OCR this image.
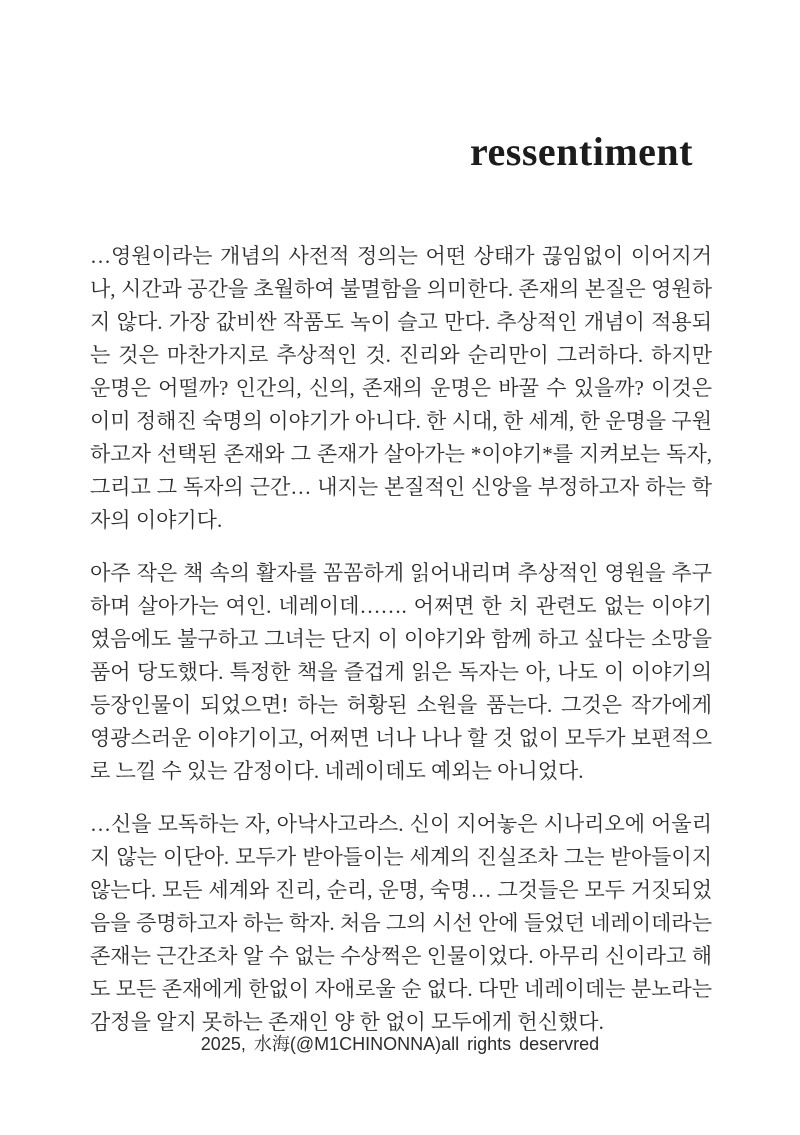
ressentiment

…영원이라는 개념의 사전적 정의는 어떤 상태가 끊임없이 이어지거나, 시간과 공간을 초월하여 불멸함을 의미한다. 존재의 본질은 영원하지 않다. 가장 값비싼 작품도 녹이 슬고 만다. 추상적인 개념이 적용되는 것은 마찬가지로 추상적인 것. 진리와 순리만이 그러하다. 하지만 운명은 어떨까? 인간의, 신의, 존재의 운명은 바꿀 수 있을까? 이것은 이미 정해진 숙명의 이야기가 아니다. 한 시대, 한 세계, 한 운명을 구원하고자 선택된 존재와 그 존재가 살아가는 *이야기*를 지켜보는 독자, 그리고 그 독자의 근간… 내지는 본질적인 신앙을 부정하고자 하는 학자의 이야기다.

아주 작은 책 속의 활자를 꼼꼼하게 읽어내리며 추상적인 영원을 추구하며 살아가는 여인. 네레이데……. 어쩌면 한 치 관련도 없는 이야기였음에도 불구하고 그녀는 단지 이 이야기와 함께 하고 싶다는 소망을 품어 당도했다. 특정한 책을 즐겁게 읽은 독자는 아, 나도 이 이야기의 등장인물이 되었으면! 하는 허황된 소원을 품는다. 그것은 작가에게 영광스러운 이야기이고, 어쩌면 너나 나나 할 것 없이 모두가 보편적으로 느낄 수 있는 감정이다. 네레이데도 예외는 아니었다.

…신을 모독하는 자, 아낙사고라스. 신이 지어놓은 시나리오에 어울리지 않는 이단아. 모두가 받아들이는 세계의 진실조차 그는 받아들이지 않는다. 모든 세계와 진리, 순리, 운명, 숙명… 그것들은 모두 거짓되었음을 증명하고자 하는 학자. 처음 그의 시선 안에 들었던 네레이데라는 존재는 근간조차 알 수 없는 수상쩍은 인물이었다. 아무리 신이라고 해도 모든 존재에게 한없이 자애로울 순 없다. 다만 네레이데는 분노라는 감정을 알지 못하는 존재인 양 한 없이 모두에게 헌신했다.

2025, 水海(@M1CHINONNA)all rights deservred
